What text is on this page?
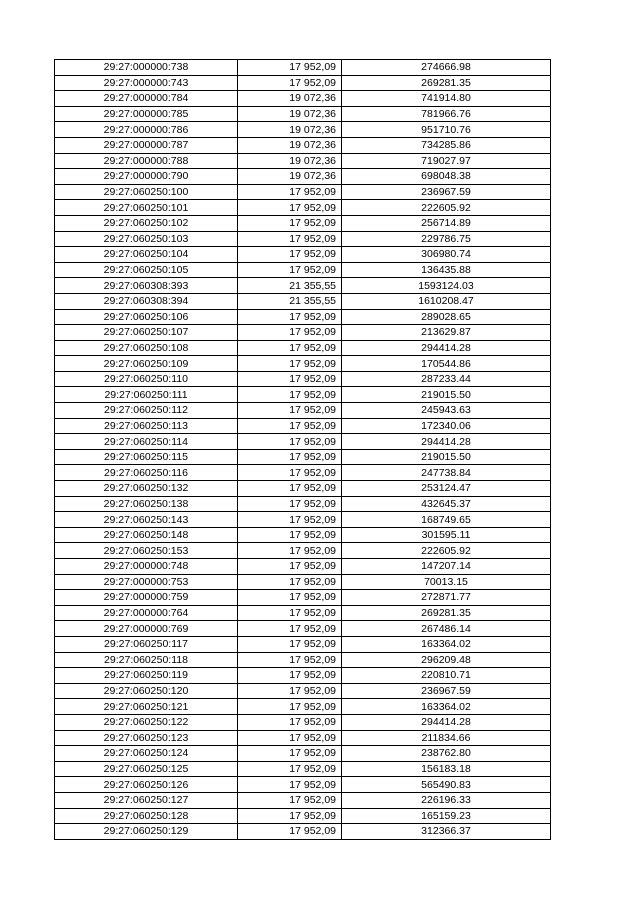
29:27:000000:738	17 952,09	274666.98
29:27:000000:743	17 952,09	269281.35
29:27:000000:784	19 072,36	741914.80
29:27:000000:785	19 072,36	781966.76
29:27:000000:786	19 072,36	951710.76
29:27:000000:787	19 072,36	734285.86
29:27:000000:788	19 072,36	719027.97
29:27:000000:790	19 072,36	698048.38
29:27:060250:100	17 952,09	236967.59
29:27:060250:101	17 952,09	222605.92
29:27:060250:102	17 952,09	256714.89
29:27:060250:103	17 952,09	229786.75
29:27:060250:104	17 952,09	306980.74
29:27:060250:105	17 952,09	136435.88
29:27:060308:393	21 355,55	1593124.03
29:27:060308:394	21 355,55	1610208.47
29:27:060250:106	17 952,09	289028.65
29:27:060250:107	17 952,09	213629.87
29:27:060250:108	17 952,09	294414.28
29:27:060250:109	17 952,09	170544.86
29:27:060250:110	17 952,09	287233.44
29:27:060250:111	17 952,09	219015.50
29:27:060250:112	17 952,09	245943.63
29:27:060250:113	17 952,09	172340.06
29:27:060250:114	17 952,09	294414.28
29:27:060250:115	17 952,09	219015.50
29:27:060250:116	17 952,09	247738.84
29:27:060250:132	17 952,09	253124.47
29:27:060250:138	17 952,09	432645.37
29:27:060250:143	17 952,09	168749.65
29:27:060250:148	17 952,09	301595.11
29:27:060250:153	17 952,09	222605.92
29:27:000000:748	17 952,09	147207.14
29:27:000000:753	17 952,09	70013.15
29:27:000000:759	17 952,09	272871.77
29:27:000000:764	17 952,09	269281.35
29:27:000000:769	17 952,09	267486.14
29:27:060250:117	17 952,09	163364.02
29:27:060250:118	17 952,09	296209.48
29:27:060250:119	17 952,09	220810.71
29:27:060250:120	17 952,09	236967.59
29:27:060250:121	17 952,09	163364.02
29:27:060250:122	17 952,09	294414.28
29:27:060250:123	17 952,09	211834.66
29:27:060250:124	17 952,09	238762.80
29:27:060250:125	17 952,09	156183.18
29:27:060250:126	17 952,09	565490.83
29:27:060250:127	17 952,09	226196.33
29:27:060250:128	17 952,09	165159.23
29:27:060250:129	17 952,09	312366.37
